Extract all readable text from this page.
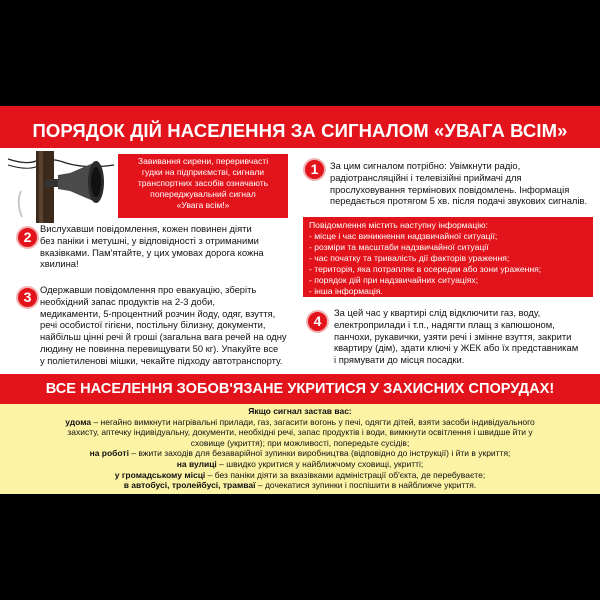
ПОРЯДОК ДІЙ НАСЕЛЕННЯ ЗА СИГНАЛОМ «УВАГА ВСІМ»
Завивання сирени, переривчасті
гудки на підприємстві, сигнали
транспортних засобів означають
попереджувальний сигнал
«Увага всім!»
1	За цим сигналом потрібно: Увімкнути радіо,
радіотрансляційні і телевізійні приймачі для
прослуховування термінових повідомлень. Інформація
передається протягом 5 хв. після подачі звукових сигналів.
2
Виcлухавши повідомлення, кожен повинен діяти
без паніки і метушні, у відповідності з отриманими
вказівками. Пам'ятайте, у цих умовах дорога кожна
хвилина!
Повідомлення містить наступну інформацію:
- місце і час виникнення надзвичайної ситуації;
- розміри та масштаби надзвичайної ситуації
- час початку та тривалість дії факторів ураження;
- територія, яка потрапляє в осередки або зони ураження;
- порядок дій при надзвичайних ситуаціях;
- інша інформація.
3 Одержавши повідомлення про евакуацію, зберіть
необхідний запас продуктів на 2-3 доби,
медикаменти, 5-процентний розчин йоду, одяг, взуття,
речі особистої гігієни, постільну білизну, документи,
найбільш цінні речі й гроші (загальна вага речей на одну
людину не повинна перевищувати 50 кг). Упакуйте все
у поліетиленові мішки, чекайте підходу автотранспорту.
4
За цей час у квартирі слід відключити газ, воду,
електроприлади і т.п., надягти плащ з капюшоном,
панчохи, рукавички, узяти речі і змінне взуття, закрити
квартиру (дім), здати ключі у ЖЕК або їх представникам
і прямувати до місця посадки.
ВСЕ НАСЕЛЕННЯ ЗОБОВ'ЯЗАНЕ УКРИТИСЯ У ЗАХИСНИХ СПОРУДАХ!
Якщо сигнал застав вас:
удома – негайно вимкнути нагрівальні прилади, газ, загасити вогонь у печі, одягти дітей, взяти засоби індивідуального
захисту, аптечку індивідуальну, документи, необхідні речі, запас продуктів і води, вимкнути освітлення і швидше йти у
сховище (укриття); при можливості, попередьте сусідів;
на роботі – вжити заходів для безаварійної зупинки виробництва (відповідно до інструкції) і йти в укриття;
на вулиці – швидко укритися у найближчому сховищі, укритті;
у громадському місці – без паніки діяти за вказівками адміністрації об'єкта, де перебуваєте;
в автобусі, тролейбусі, трамваї – дочекатися зупинки і поспішити в найближче укриття.
